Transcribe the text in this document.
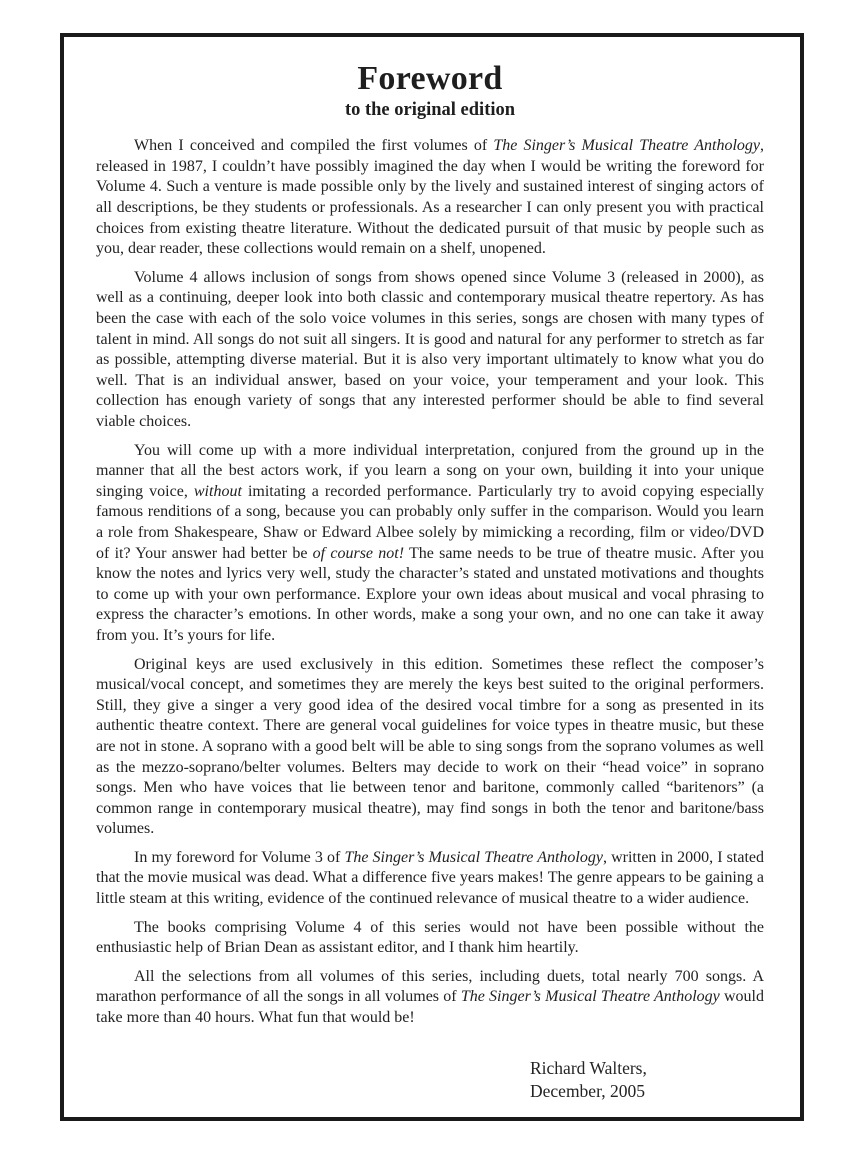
Foreword
to the original edition

When I conceived and compiled the first volumes of The Singer’s Musical Theatre Anthology, released in 1987, I couldn’t have possibly imagined the day when I would be writing the foreword for Volume 4. Such a venture is made possible only by the lively and sustained interest of singing actors of all descriptions, be they students or professionals. As a researcher I can only present you with practical choices from existing theatre literature. Without the dedicated pursuit of that music by people such as you, dear reader, these collections would remain on a shelf, unopened.

Volume 4 allows inclusion of songs from shows opened since Volume 3 (released in 2000), as well as a continuing, deeper look into both classic and contemporary musical theatre repertory. As has been the case with each of the solo voice volumes in this series, songs are chosen with many types of talent in mind. All songs do not suit all singers. It is good and natural for any performer to stretch as far as possible, attempting diverse material. But it is also very important ultimately to know what you do well. That is an individual answer, based on your voice, your temperament and your look. This collection has enough variety of songs that any interested performer should be able to find several viable choices.

You will come up with a more individual interpretation, conjured from the ground up in the manner that all the best actors work, if you learn a song on your own, building it into your unique singing voice, without imitating a recorded performance. Particularly try to avoid copying especially famous renditions of a song, because you can probably only suffer in the comparison. Would you learn a role from Shakespeare, Shaw or Edward Albee solely by mimicking a recording, film or video/DVD of it? Your answer had better be of course not! The same needs to be true of theatre music. After you know the notes and lyrics very well, study the character’s stated and unstated motivations and thoughts to come up with your own performance. Explore your own ideas about musical and vocal phrasing to express the character’s emotions. In other words, make a song your own, and no one can take it away from you. It’s yours for life.

Original keys are used exclusively in this edition. Sometimes these reflect the composer’s musical/vocal concept, and sometimes they are merely the keys best suited to the original performers. Still, they give a singer a very good idea of the desired vocal timbre for a song as presented in its authentic theatre context. There are general vocal guidelines for voice types in theatre music, but these are not in stone. A soprano with a good belt will be able to sing songs from the soprano volumes as well as the mezzo-soprano/belter volumes. Belters may decide to work on their “head voice” in soprano songs. Men who have voices that lie between tenor and baritone, commonly called “baritenors” (a common range in contemporary musical theatre), may find songs in both the tenor and baritone/bass volumes.

In my foreword for Volume 3 of The Singer’s Musical Theatre Anthology, written in 2000, I stated that the movie musical was dead. What a difference five years makes! The genre appears to be gaining a little steam at this writing, evidence of the continued relevance of musical theatre to a wider audience.

The books comprising Volume 4 of this series would not have been possible without the enthusiastic help of Brian Dean as assistant editor, and I thank him heartily.

All the selections from all volumes of this series, including duets, total nearly 700 songs. A marathon performance of all the songs in all volumes of The Singer’s Musical Theatre Anthology would take more than 40 hours. What fun that would be!

Richard Walters,
December, 2005
